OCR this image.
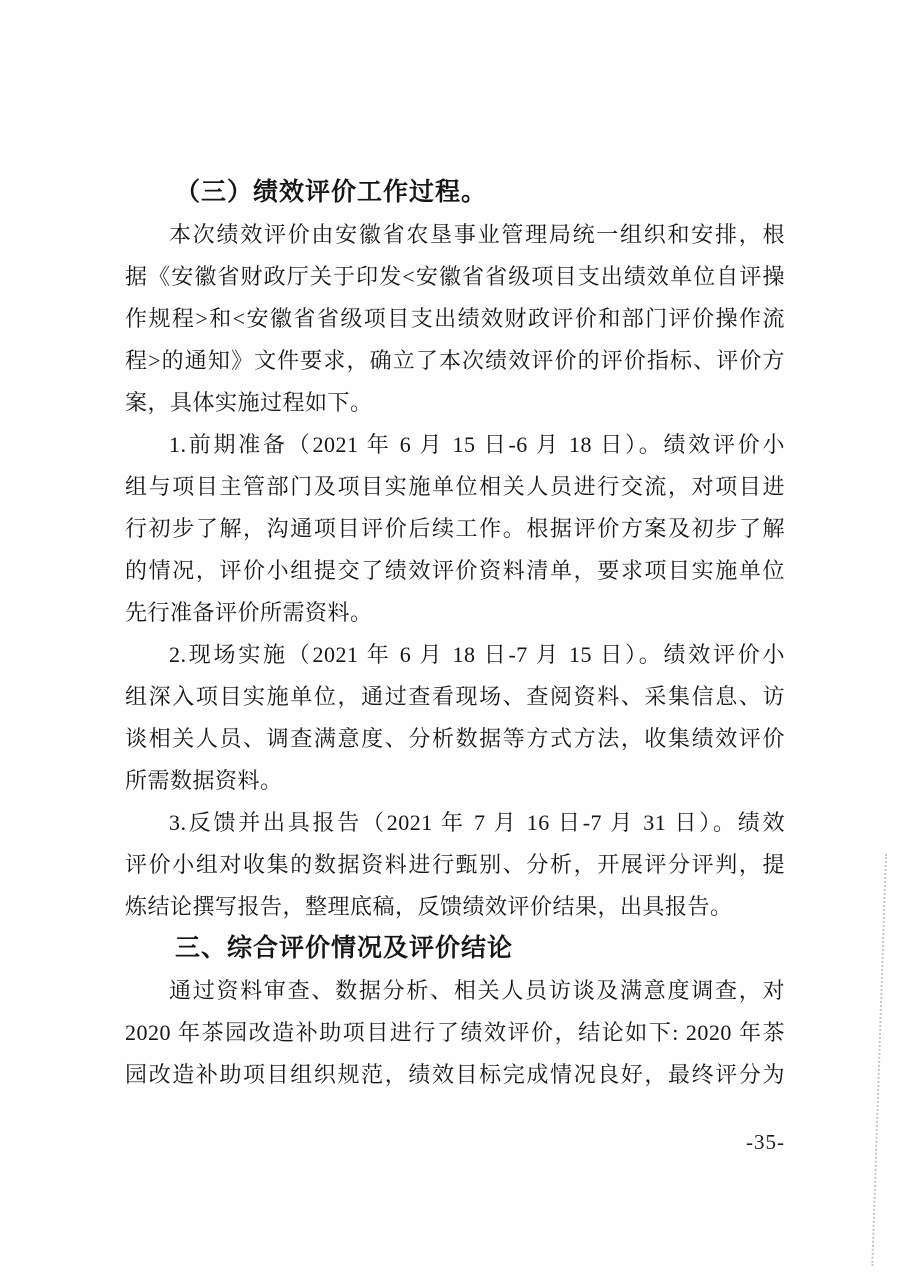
（三）绩效评价工作过程。
本次绩效评价由安徽省农垦事业管理局统一组织和安排，根
据《安徽省财政厅关于印发<安徽省省级项目支出绩效单位自评操
作规程>和<安徽省省级项目支出绩效财政评价和部门评价操作流
程>的通知》文件要求，确立了本次绩效评价的评价指标、评价方
案，具体实施过程如下。
1.前期准备（2021 年 6 月 15 日-6 月 18 日）。绩效评价小
组与项目主管部门及项目实施单位相关人员进行交流，对项目进
行初步了解，沟通项目评价后续工作。根据评价方案及初步了解
的情况，评价小组提交了绩效评价资料清单，要求项目实施单位
先行准备评价所需资料。
2.现场实施（2021 年 6 月 18 日-7 月 15 日）。绩效评价小
组深入项目实施单位，通过查看现场、查阅资料、采集信息、访
谈相关人员、调查满意度、分析数据等方式方法，收集绩效评价
所需数据资料。
3.反馈并出具报告（2021 年 7 月 16 日-7 月 31 日）。绩效
评价小组对收集的数据资料进行甄别、分析，开展评分评判，提
炼结论撰写报告，整理底稿，反馈绩效评价结果，出具报告。
三、综合评价情况及评价结论
通过资料审查、数据分析、相关人员访谈及满意度调查，对
2020 年茶园改造补助项目进行了绩效评价，结论如下: 2020 年茶
园改造补助项目组织规范，绩效目标完成情况良好，最终评分为
-35-
